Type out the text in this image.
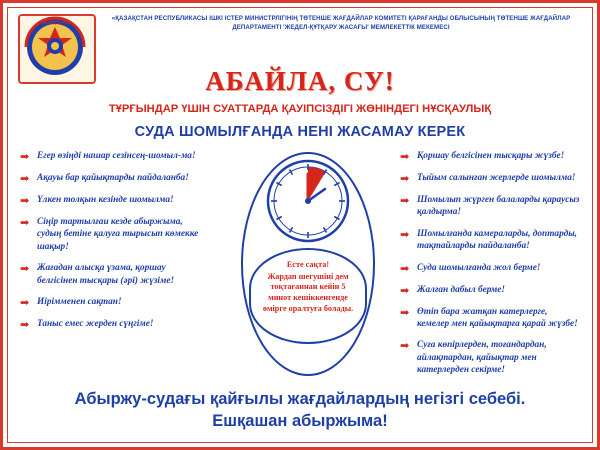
ҚАЗАҚСТАН
ТЖМ
«ҚАЗАҚСТАН РЕСПУБЛИКАСЫ ІШКІ ІСТЕР МИНИСТРЛІГІНІҢ ТӨТЕНШЕ ЖАҒДАЙЛАР КОМИТЕТІ ҚАРАҒАНДЫ ОБЛЫСЫНЫҢ ТӨТЕНШЕ ЖАҒДАЙЛАР ДЕПАРТАМЕНТІ 'ЖЕДЕЛ-ҚҰТҚАРУ ЖАСАҒЫ' МЕМЛЕКЕТТІК МЕКЕМЕСІ
АБАЙЛА, СУ!
ТҰРҒЫНДАР ҮШІН СУАТТАРДА ҚАУІПСІЗДІГІ ЖӨНІНДЕГІ НҰСҚАУЛЫҚ
СУДА ШОМЫЛҒАНДА НЕНІ ЖАСАМАУ КЕРЕК
➡ Егер өзіңді нашар сезінсең-шомыл-ма!
➡ Ақауы бар қайықтарды пайдаланба!
➡ Үлкен толқын кезінде шомылма!
➡ Сіңір тартылғаи кезде абыржыма, судың бетіне қалуға тырысып көмекке шақыр!
➡ Жағадан алысқа үзама, қоршау белгісінен тысқары (әрі) жүзіме!
➡ Иірімменен сақтан!
➡ Таныс емес жерден сүңгіме!
Есте сақта!
Жардап шегушіні дем тоқтағаннан кейін 5 минот кешіккенгенде өмірге оралтуға болады.
➡ Қоршау белгісінен тысқары жүзбе!
➡ Тыйым салынған жерлерде шомылма!
➡ Шомылып жүрген балаларды қараусыз қалдырма!
➡ Шомылғанда камераларды, доптарды, тақтайларды пайдаланба!
➡ Суда шомылғанда жол берме!
➡ Жалған дабыл берме!
➡ Өтіп бара жатқан катерлерге, кемелер мен қайықтарға қарай жүзбе!
➡ Суға көпірлерден, тоғандардан, айлақтардан, қайықтар мен катерлерден секірме!
Абыржу-судағы қайғылы жағдайлардың негізгі себебі.
Ешқашан абыржыма!
